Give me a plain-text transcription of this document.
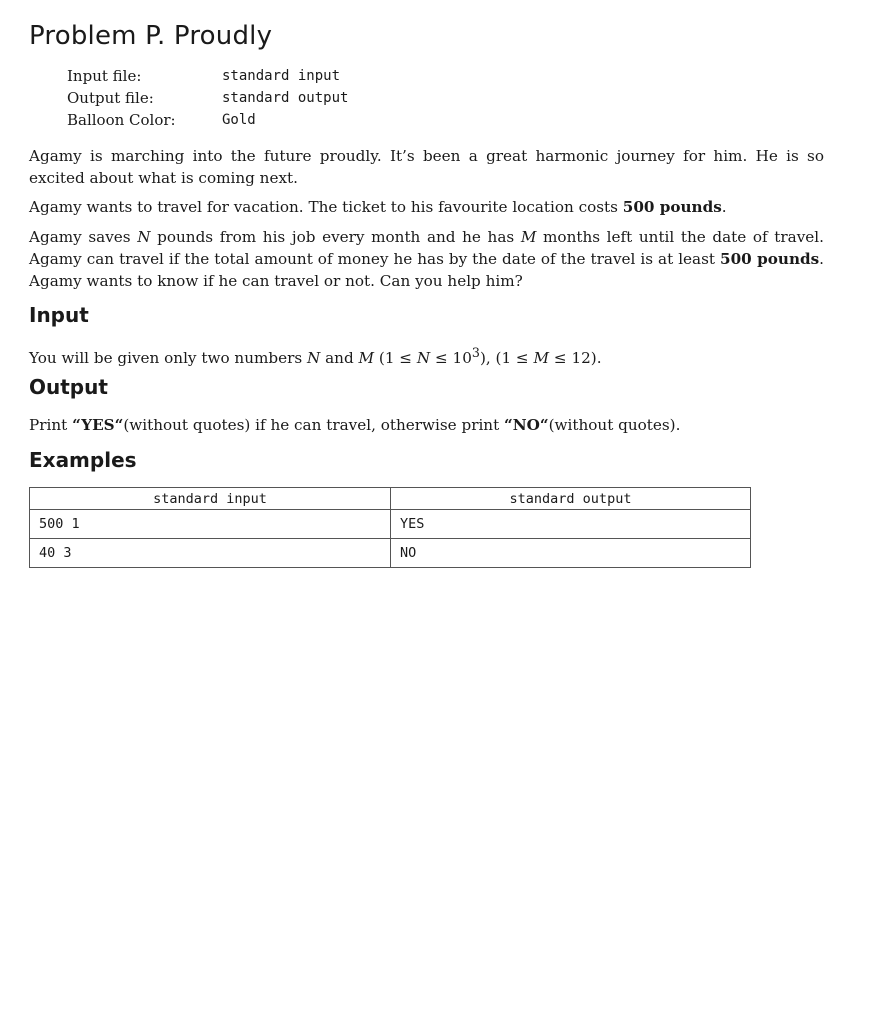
Problem P. Proudly
Input file:	standard input
Output file:	standard output
Balloon Color:	Gold
Agamy is marching into the future proudly. It’s been a great harmonic journey for him. He is so excited about what is coming next.
Agamy wants to travel for vacation. The ticket to his favourite location costs 500 pounds.
Agamy saves N pounds from his job every month and he has M months left until the date of travel. Agamy can travel if the total amount of money he has by the date of the travel is at least 500 pounds. Agamy wants to know if he can travel or not. Can you help him?
Input
You will be given only two numbers N and M $(1 \le N \le 10^3)$, (1 ≤ M ≤ 12).
Output
Print “YES“(without quotes) if he can travel, otherwise print “NO“(without quotes).
Examples
standard input	standard output
500 1	YES
40 3	NO
